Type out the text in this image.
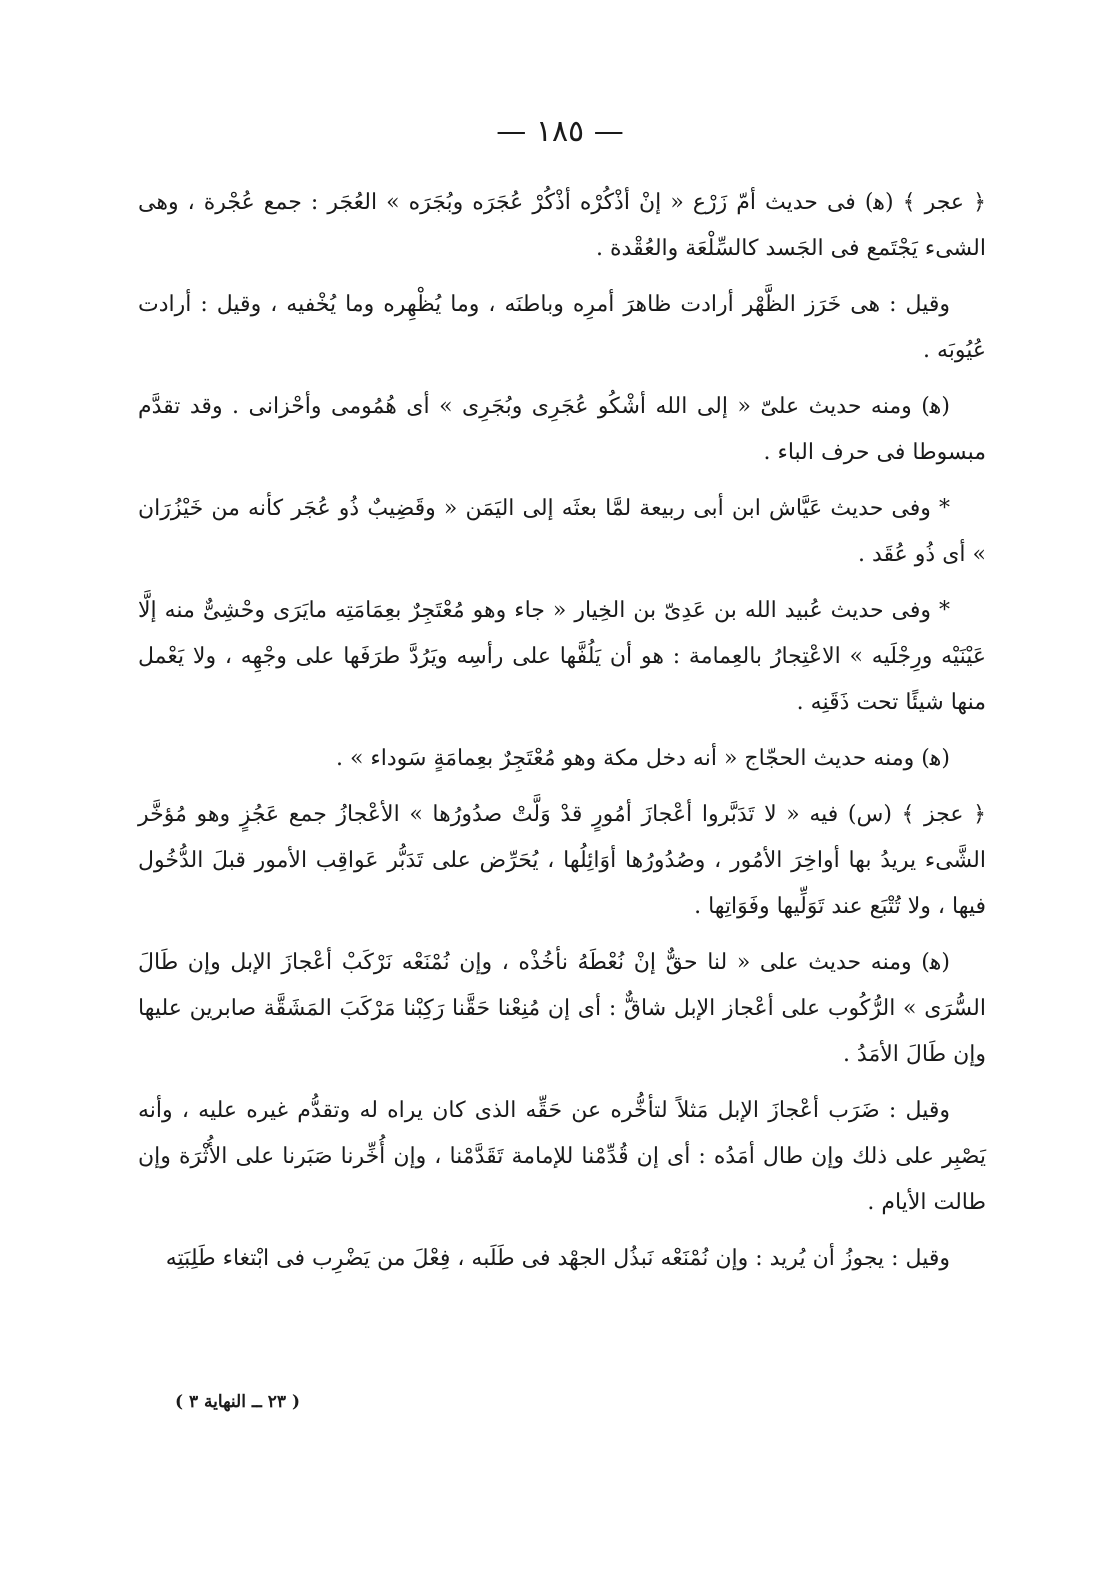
— ١٨٥ —

﴿ عجر ﴾ (ﻫ) فى حديث أمّ زَرْع « إنْ أذْكُرْه أذْكُرْ عُجَرَه وبُجَرَه » العُجَر : جمع عُجْرة ، وهى الشىء يَجْتَمع فى الجَسد كالسِّلْعَة والعُقْدة .

وقيل : هى خَرَز الظَّهْر أرادت ظاهرَ أمرِه وباطنَه ، وما يُظْهِره وما يُخْفيه ، وقيل : أرادت عُيُوبَه .

(ﻫ) ومنه حديث علىّ « إلى الله أشْكُو عُجَرِى وبُجَرِى » أى هُمُومى وأحْزانى . وقد تقدَّم مبسوطا فى حرف الباء .

* وفى حديث عَيَّاش ابن أبى ربيعة لمَّا بعثَه إلى اليَمَن « وقَضِيبٌ ذُو عُجَر كأنه من خَيْزُرَان » أى ذُو عُقَد .

* وفى حديث عُبيد الله بن عَدِىّ بن الخِيار « جاء وهو مُعْتَجِرٌ بعِمَامَتِه مايَرَى وحْشِىٌّ منه إلَّا عَيْنَيْه ورِجْلَيه » الاعْتِجارُ بالعِمامة : هو أن يَلُفَّها على رأسِه ويَرُدَّ طرَفَها على وجْهِه ، ولا يَعْمل منها شيئًا تحت ذَقَنِه .

(ﻫ) ومنه حديث الحجّاج « أنه دخل مكة وهو مُعْتَجِرٌ بعِمامَةٍ سَوداء » .

﴿ عجز ﴾ (س) فيه « لا تَدَبَّروا أعْجازَ أمُورٍ قدْ وَلَّتْ صدُورُها » الأعْجازُ جمع عَجُزٍ وهو مُؤخَّر الشَّىء يريدُ بها أواخِرَ الأمُور ، وصُدُورُها أوَائِلُها ، يُحَرِّض على تَدَبُّر عَواقِب الأمور قبلَ الدُّخُول فيها ، ولا تُتْبَع عند تَوَلِّيها وفَوَاتِها .

(ﻫ) ومنه حديث على « لنا حقٌّ إنْ نُعْطَهُ نأخُذْه ، وإن نُمْنَعْه نَرْكَبْ أعْجازَ الإبل وإن طَالَ السُّرَى » الرُّكُوب على أعْجاز الإبل شاقٌّ : أى إن مُنِعْنا حَقَّنا رَكِبْنا مَرْكَبَ المَشَقَّة صابرين عليها وإن طَالَ الأمَدُ .

وقيل : ضَرَب أعْجازَ الإبل مَثلاً لتأخُّره عن حَقِّه الذى كان يراه له وتقدُّم غيره عليه ، وأنه يَصْبِر على ذلك وإن طال أمَدُه : أى إن قُدِّمْنا للإمامة تَقَدَّمْنا ، وإن أُخِّرنا صَبَرنا على الأُثْرَة وإن طالت الأيام .

وقيل : يجوزُ أن يُريد : وإن نُمْنَعْه نَبذُل الجهْد فى طَلَبه ، فِعْلَ من يَضْرِب فى ابْتغاء طَلِبَتِه

( ٢٣ ــ النهاية ٣ )
